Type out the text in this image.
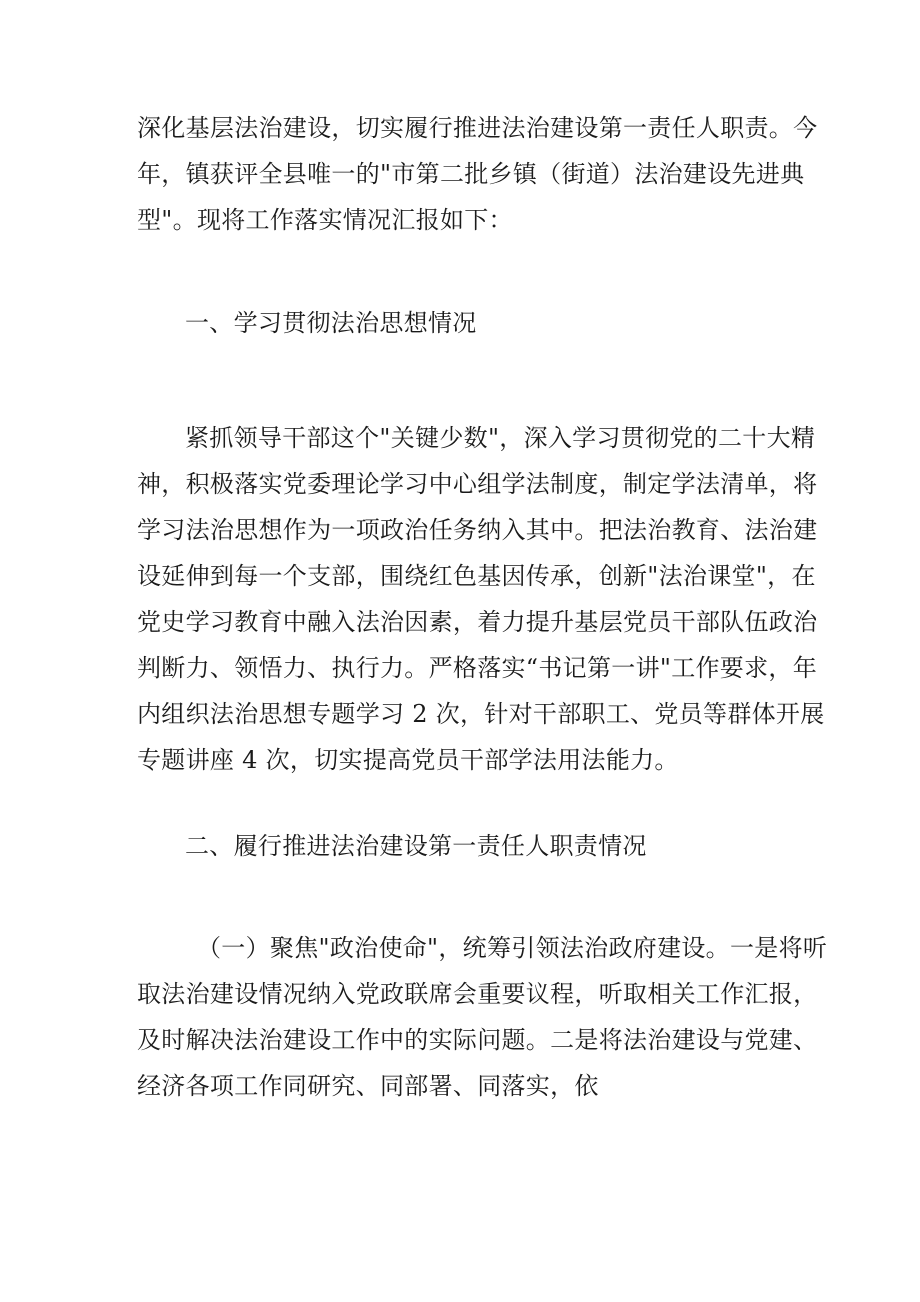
深化基层法治建设，切实履行推进法治建设第一责任人职责。今
年，镇获评全县唯一的"市第二批乡镇（街道）法治建设先进典
型"。现将工作落实情况汇报如下：
一、学习贯彻法治思想情况
紧抓领导干部这个"关键少数"，深入学习贯彻党的二十大精
神，积极落实党委理论学习中心组学法制度，制定学法清单，将
学习法治思想作为一项政治任务纳入其中。把法治教育、法治建
设延伸到每一个支部，围绕红色基因传承，创新"法治课堂"，在
党史学习教育中融入法治因素，着力提升基层党员干部队伍政治
判断力、领悟力、执行力。严格落实“书记第一讲"工作要求，年
内组织法治思想专题学习 2 次，针对干部职工、党员等群体开展
专题讲座 4 次，切实提高党员干部学法用法能力。
二、履行推进法治建设第一责任人职责情况
（一）聚焦"政治使命"，统筹引领法治政府建设。一是将听
取法治建设情况纳入党政联席会重要议程，听取相关工作汇报，
及时解决法治建设工作中的实际问题。二是将法治建设与党建、
经济各项工作同研究、同部署、同落实，依
